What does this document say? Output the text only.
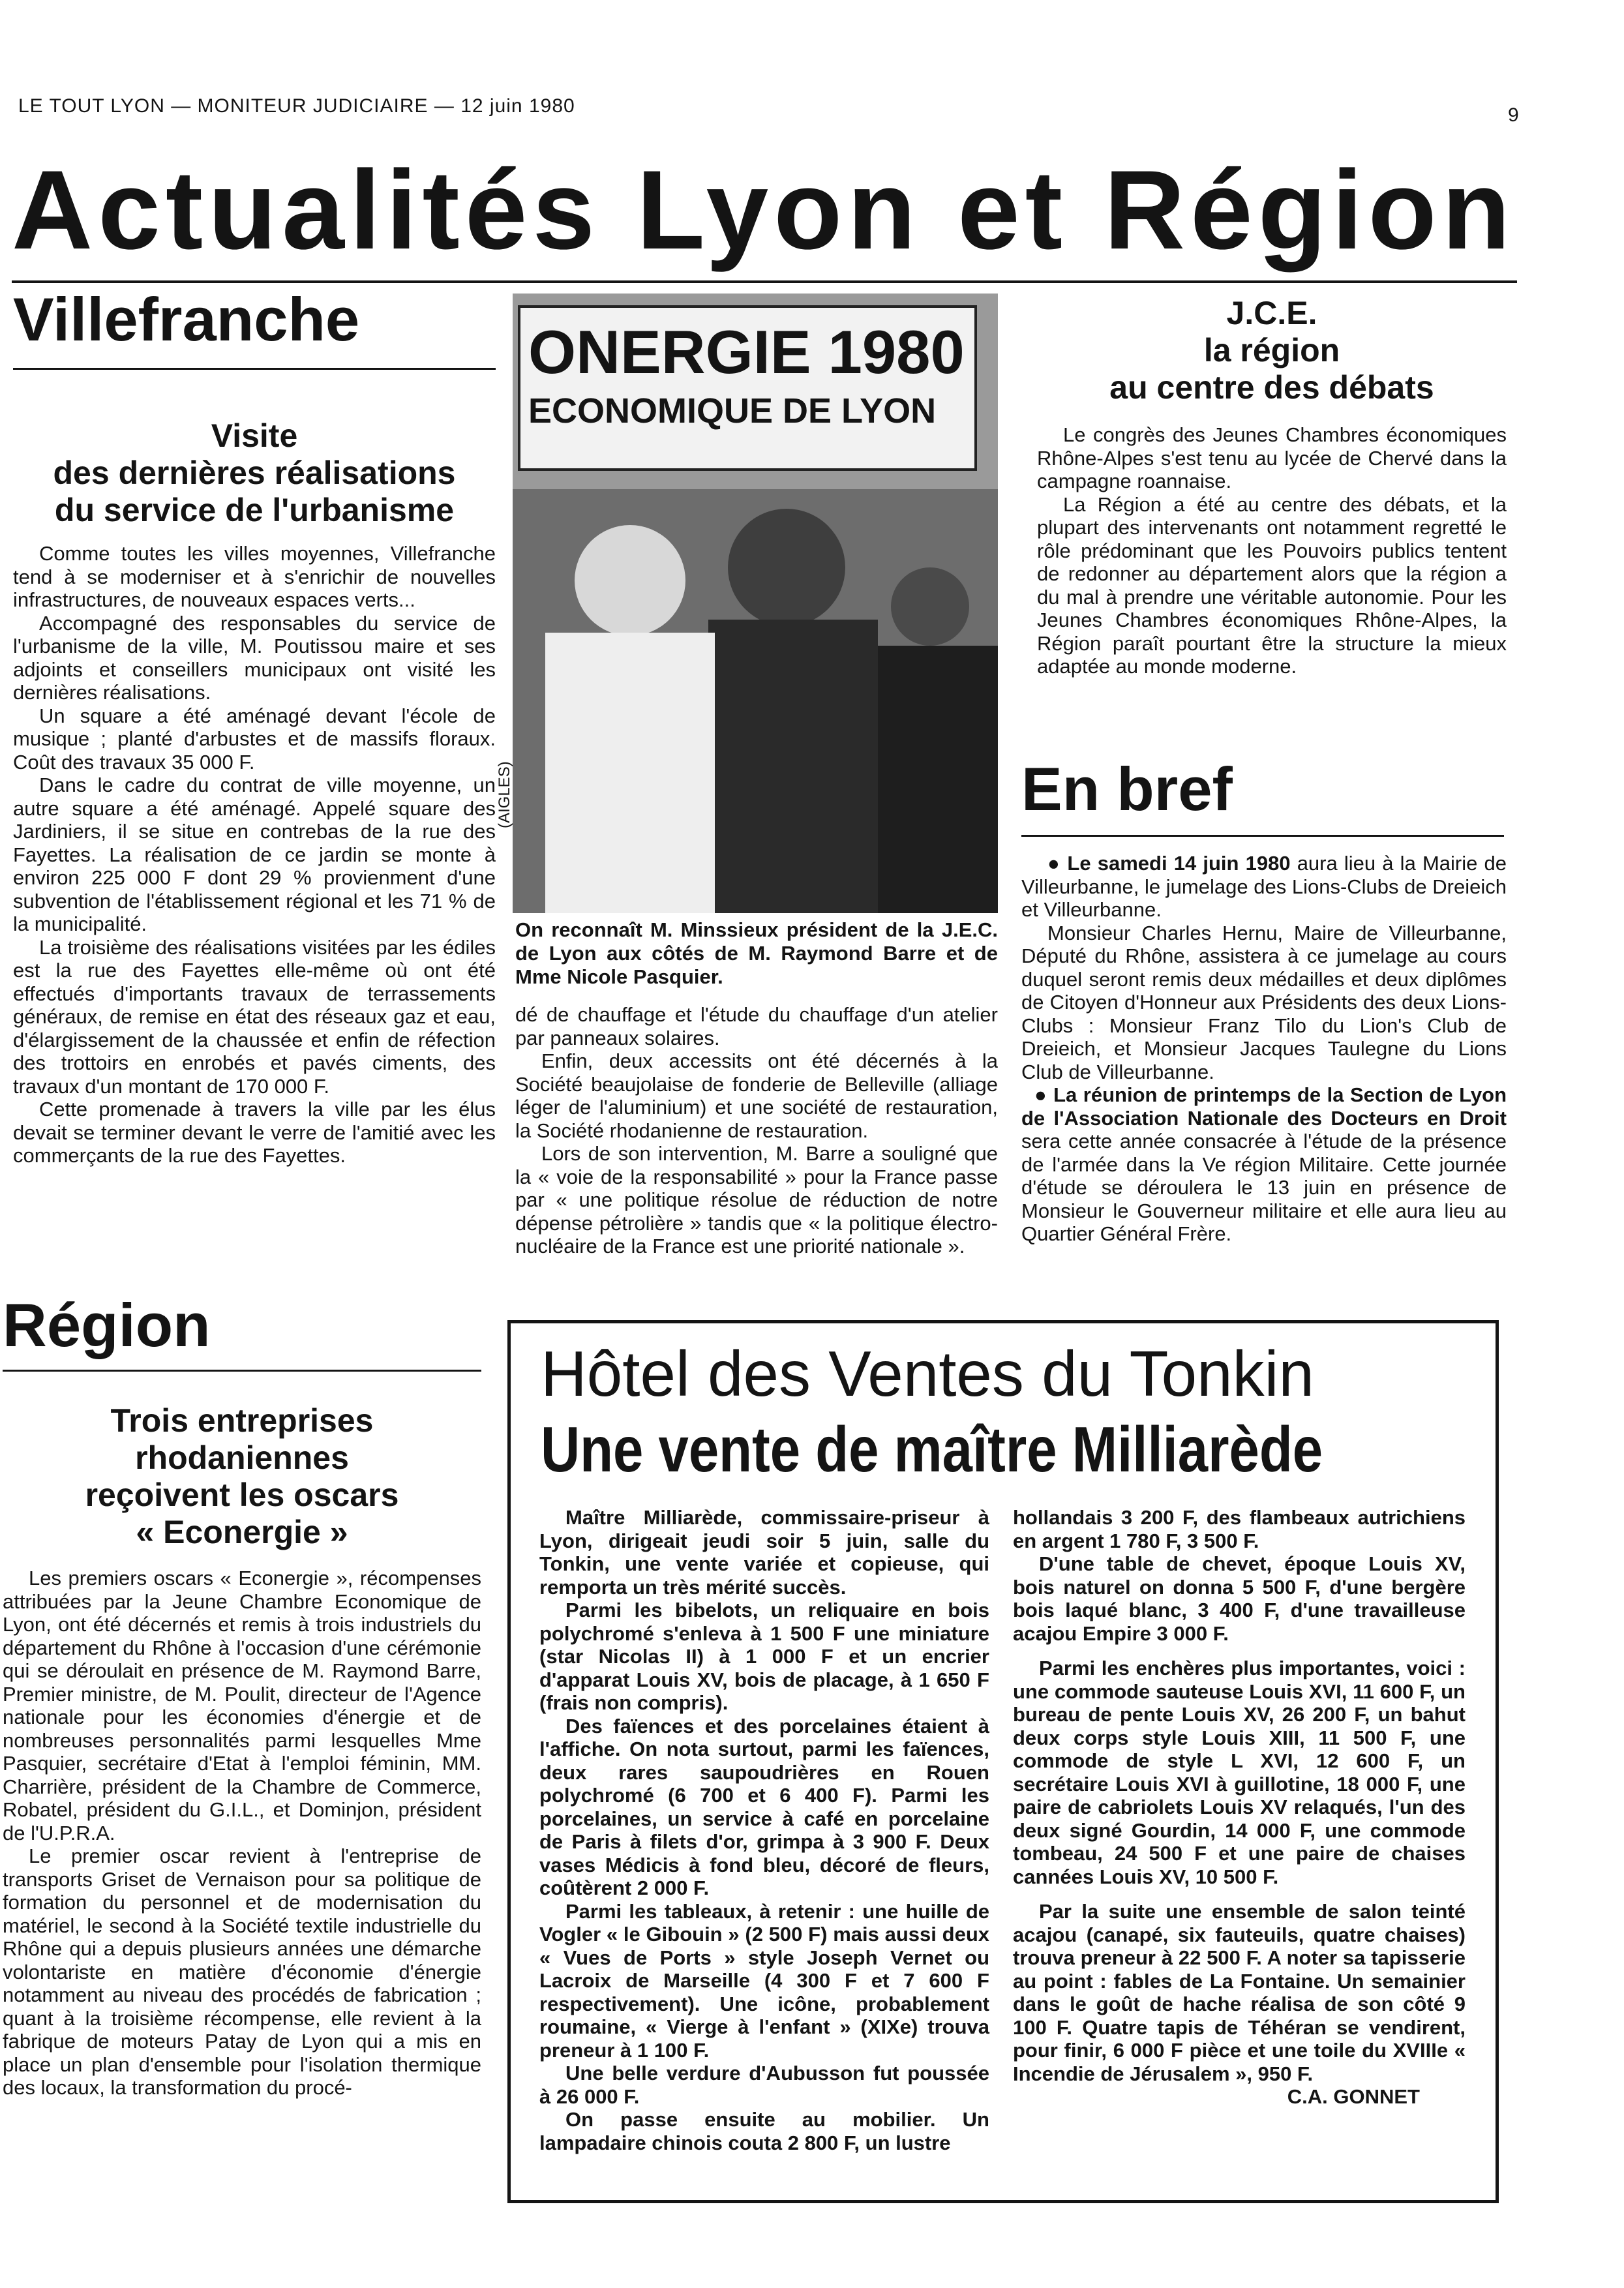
LE TOUT LYON — MONITEUR JUDICIAIRE — 12 juin 1980	9
Actualités Lyon et Région
Villefranche
Visite
des dernières réalisations
du service de l'urbanisme

Comme toutes les villes moyennes, Villefranche tend à se moderniser et à s'enrichir de nouvelles infrastructures, de nouveaux espaces verts...

Accompagné des responsables du service de l'urbanisme de la ville, M. Poutissou maire et ses adjoints et conseillers municipaux ont visité les dernières réalisations.

Un square a été aménagé devant l'école de musique ; planté d'arbustes et de massifs floraux. Coût des travaux 35 000 F.

Dans le cadre du contrat de ville moyenne, un autre square a été aménagé. Appelé square des Jardiniers, il se situe en contrebas de la rue des Fayettes. La réalisation de ce jardin se monte à environ 225 000 F dont 29 % provienment d'une subvention de l'établissement régional et les 71 % de la municipalité.

La troisième des réalisations visitées par les édiles est la rue des Fayettes elle-même où ont été effectués d'importants travaux de terrassements généraux, de remise en état des réseaux gaz et eau, d'élargissement de la chaussée et enfin de réfection des trottoirs en enrobés et pavés ciments, des travaux d'un montant de 170 000 F.

Cette promenade à travers la ville par les élus devait se terminer devant le verre de l'amitié avec les commerçants de la rue des Fayettes.

ONERGIE 1980
ECONOMIQUE DE LYON
(AIGLES)
On reconnaît M. Minssieux président de la J.E.C. de Lyon aux côtés de M. Raymond Barre et de Mme Nicole Pasquier.

dé de chauffage et l'étude du chauffage d'un atelier par panneaux solaires.

Enfin, deux accessits ont été décernés à la Société beaujolaise de fonderie de Belleville (alliage léger de l'aluminium) et une société de restauration, la Société rhodanienne de restauration.

Lors de son intervention, M. Barre a souligné que la « voie de la responsabilité » pour la France passe par « une politique résolue de réduction de notre dépense pétrolière » tandis que « la politique électro-nucléaire de la France est une priorité nationale ».

J.C.E.
la région
au centre des débats

Le congrès des Jeunes Chambres économiques Rhône-Alpes s'est tenu au lycée de Chervé dans la campagne roannaise.

La Région a été au centre des débats, et la plupart des intervenants ont notamment regretté le rôle prédominant que les Pouvoirs publics tentent de redonner au département alors que la région a du mal à prendre une véritable autonomie. Pour les Jeunes Chambres économiques Rhône-Alpes, la Région paraît pourtant être la structure la mieux adaptée au monde moderne.

En bref

● Le samedi 14 juin 1980 aura lieu à la Mairie de Villeurbanne, le jumelage des Lions-Clubs de Dreieich et Villeurbanne.

Monsieur Charles Hernu, Maire de Villeurbanne, Député du Rhône, assistera à ce jumelage au cours duquel seront remis deux médailles et deux diplômes de Citoyen d'Honneur aux Présidents des deux Lions-Clubs : Monsieur Franz Tilo du Lion's Club de Dreieich, et Monsieur Jacques Taulegne du Lions Club de Villeurbanne.

● La réunion de printemps de la Section de Lyon de l'Association Nationale des Docteurs en Droit sera cette année consacrée à l'étude de la présence de l'armée dans la Ve région Militaire. Cette journée d'étude se déroulera le 13 juin en présence de Monsieur le Gouverneur militaire et elle aura lieu au Quartier Général Frère.

Région
Trois entreprises
rhodaniennes
reçoivent les oscars
« Econergie »

Les premiers oscars « Econergie », récompenses attribuées par la Jeune Chambre Economique de Lyon, ont été décernés et remis à trois industriels du département du Rhône à l'occasion d'une cérémonie qui se déroulait en présence de M. Raymond Barre, Premier ministre, de M. Poulit, directeur de l'Agence nationale pour les économies d'énergie et de nombreuses personnalités parmi lesquelles Mme Pasquier, secrétaire d'Etat à l'emploi féminin, MM. Charrière, président de la Chambre de Commerce, Robatel, président du G.I.L., et Dominjon, président de l'U.P.R.A.

Le premier oscar revient à l'entreprise de transports Griset de Vernaison pour sa politique de formation du personnel et de modernisation du matériel, le second à la Société textile industrielle du Rhône qui a depuis plusieurs années une démarche volontariste en matière d'économie d'énergie notamment au niveau des procédés de fabrication ; quant à la troisième récompense, elle revient à la fabrique de moteurs Patay de Lyon qui a mis en place un plan d'ensemble pour l'isolation thermique des locaux, la transformation du procé-

Hôtel des Ventes du Tonkin
Une vente de maître Milliarède

Maître Milliarède, commissaire-priseur à Lyon, dirigeait jeudi soir 5 juin, salle du Tonkin, une vente variée et copieuse, qui remporta un très mérité succès.

Parmi les bibelots, un reliquaire en bois polychromé s'enleva à 1 500 F une miniature (star Nicolas II) à 1 000 F et un encrier d'apparat Louis XV, bois de placage, à 1 650 F (frais non compris).

Des faïences et des porcelaines étaient à l'affiche. On nota surtout, parmi les faïences, deux rares saupoudrières en Rouen polychromé (6 700 et 6 400 F). Parmi les porcelaines, un service à café en porcelaine de Paris à filets d'or, grimpa à 3 900 F. Deux vases Médicis à fond bleu, décoré de fleurs, coûtèrent 2 000 F.

Parmi les tableaux, à retenir : une huille de Vogler « le Gibouin » (2 500 F) mais aussi deux « Vues de Ports » style Joseph Vernet ou Lacroix de Marseille (4 300 F et 7 600 F respectivement). Une icône, probablement roumaine, « Vierge à l'enfant » (XIXe) trouva preneur à 1 100 F.

Une belle verdure d'Aubusson fut poussée à 26 000 F.

On passe ensuite au mobilier. Un lampadaire chinois couta 2 800 F, un lustre

hollandais 3 200 F, des flambeaux autrichiens en argent 1 780 F, 3 500 F.

D'une table de chevet, époque Louis XV, bois naturel on donna 5 500 F, d'une bergère bois laqué blanc, 3 400 F, d'une travailleuse acajou Empire 3 000 F.

Parmi les enchères plus importantes, voici : une commode sauteuse Louis XVI, 11 600 F, un bureau de pente Louis XV, 26 200 F, un bahut deux corps style Louis XIII, 11 500 F, une commode de style L XVI, 12 600 F, un secrétaire Louis XVI à guillotine, 18 000 F, une paire de cabriolets Louis XV relaqués, l'un des deux signé Gourdin, 14 000 F, une commode tombeau, 24 500 F et une paire de chaises cannées Louis XV, 10 500 F.

Par la suite une ensemble de salon teinté acajou (canapé, six fauteuils, quatre chaises) trouva preneur à 22 500 F. A noter sa tapisserie au point : fables de La Fontaine. Un semainier dans le goût de hache réalisa de son côté 9 100 F. Quatre tapis de Téhéran se vendirent, pour finir, 6 000 F pièce et une toile du XVIIIe « Incendie de Jérusalem », 950 F.

C.A. GONNET
